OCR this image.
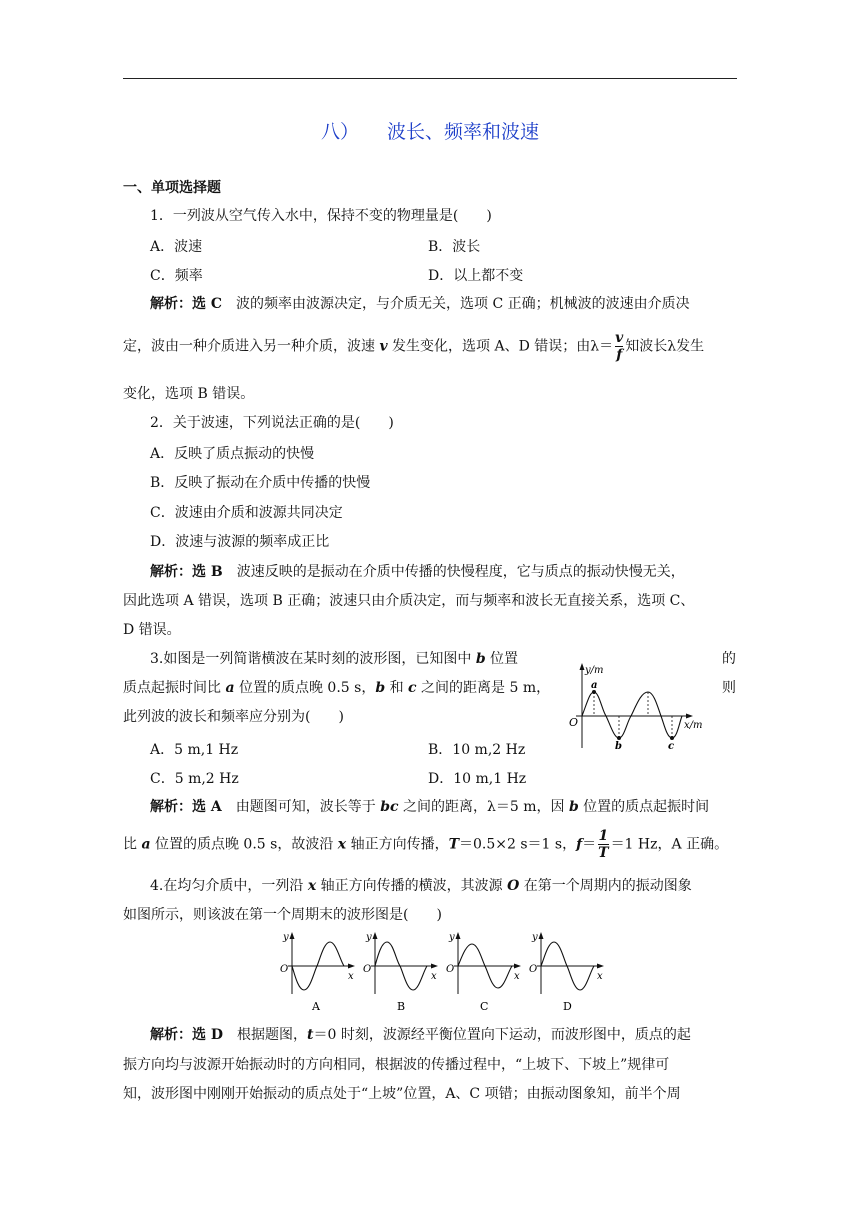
八） 波长、频率和波速
一、单项选择题
1．一列波从空气传入水中，保持不变的物理量是(　　)
A．波速	B．波长
C．频率	D．以上都不变
解析：选 C　 波的频率由波源决定，与介质无关，选项 C 正确；机械波的波速由介质决
定，波由一种介质进入另一种介质，波速 v 发生变化，选项 A、D 错误；由$\lambda= \frac{v}{f}$ 知波长λ发生
变化，选项 B 错误。
2．关于波速，下列说法正确的是(　　)
A．反映了质点振动的快慢
B．反映了振动在介质中传播的快慢
C．波速由介质和波源共同决定
D．波速与波源的频率成正比
解析：选 B　 波速反映的是振动在介质中传播的快慢程度，它与质点的振动快慢无关，
因此选项 A 错误，选项 B 正确；波速只由介质决定，而与频率和波长无直接关系，选项 C、
D 错误。
3.如图是一列简谐横波在某时刻的波形图，已知图中 b 位置	的
质点起振时间比 a 位置的质点晚 0.5 s，b 和 c 之间的距离是 5 m，	则
此列波的波长和频率应分别为(　　)
y/m
O	x/m
a
b	c
A．5 m,1 Hz	B．10 m,2 Hz
C．5 m,2 Hz	D．10 m,1 Hz
解析：选 A　 由题图可知，波长等于 bc 之间的距离，λ＝5 m，因 b 位置的质点起振时间
比 a 位置的质点晚 0.5 s，故波沿 x 轴正方向传播，T＝0.5×2 s＝1 s，$f= \frac{1}{T} =1$ Hz，A 正确。
4.在均匀介质中，一列沿 x 轴正方向传播的横波，其波源 O 在第一个周期内的振动图象
如图所示，则该波在第一个周期末的波形图是(　　)
y
O
x
A
y
O
x
B
y
O
x
C
y
O
x
D
解析：选 D　 根据题图，t＝0 时刻，波源经平衡位置向下运动，而波形图中，质点的起
振方向均与波源开始振动时的方向相同，根据波的传播过程中，“上坡下、下坡上”规律可
知，波形图中刚刚开始振动的质点处于“上坡”位置，A、C 项错；由振动图象知，前半个周
